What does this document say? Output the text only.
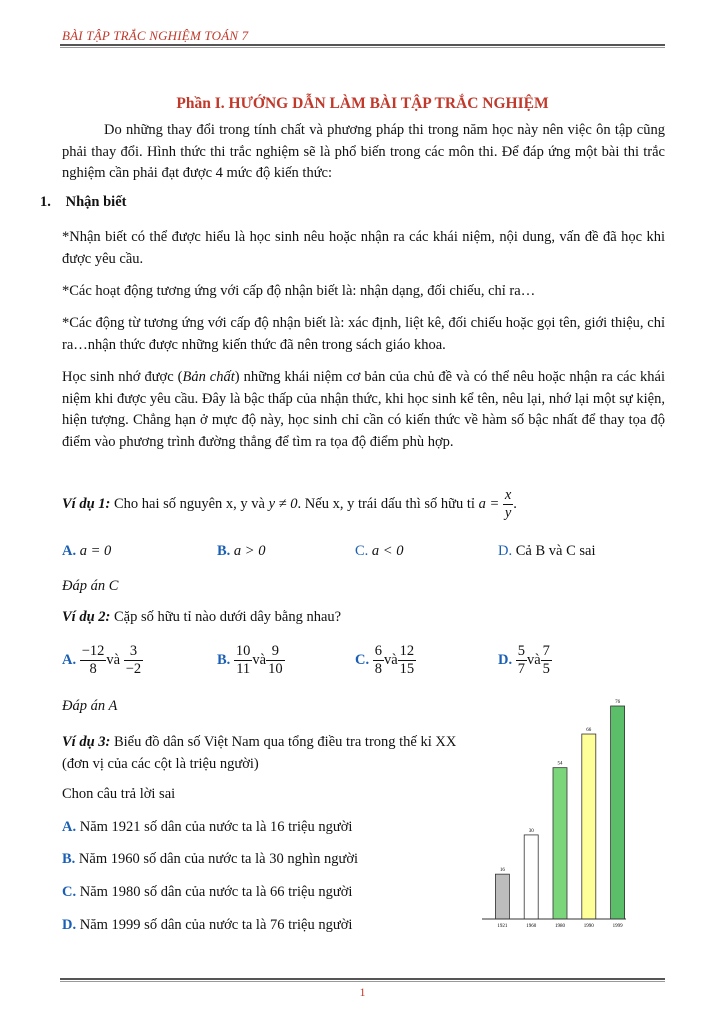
BÀI TẬP TRẮC NGHIỆM TOÁN 7
Phần I. HƯỚNG DẪN LÀM BÀI TẬP TRẮC NGHIỆM
Do những thay đổi trong tính chất và phương pháp thi trong năm học này nên việc ôn tập cũng phải thay đổi. Hình thức thi trắc nghiệm sẽ là phổ biến trong các môn thi. Để đáp ứng một bài thi trắc nghiệm cần phải đạt được 4 mức độ kiến thức:
1. Nhận biết
*Nhận biết có thể được hiểu là học sinh nêu hoặc nhận ra các khái niệm, nội dung, vấn đề đã học khi được yêu cầu.
*Các hoạt động tương ứng với cấp độ nhận biết là: nhận dạng, đối chiếu, chỉ ra…
*Các động từ tương ứng với cấp độ nhận biết là: xác định, liệt kê, đối chiếu hoặc gọi tên, giới thiệu, chỉ ra…nhận thức được những kiến thức đã nên trong sách giáo khoa.
Học sinh nhớ được (Bản chất) những khái niệm cơ bản của chủ đề và có thể nêu hoặc nhận ra các khái niệm khi được yêu cầu. Đây là bậc thấp của nhận thức, khi học sinh kể tên, nêu lại, nhớ lại một sự kiện, hiện tượng. Chẳng hạn ở mực độ này, học sinh chỉ cần có kiến thức về hàm số bậc nhất để thay tọa độ điểm vào phương trình đường thẳng để tìm ra tọa độ điểm phù hợp.
Ví dụ 1: Cho hai số nguyên x, y và y ≠ 0. Nếu x, y trái dấu thì số hữu tỉ $a = \frac{x}{y}$ .
A. a = 0	B. a > 0	C. a < 0	D. Cả B và C sai
Đáp án C
Ví dụ 2: Cặp số hữu tỉ nào dưới dây bằng nhau?
A. $\frac{-12}{8}$ và $\frac{3}{-2}$	B. $\frac{10}{11}$ và $\frac{9}{10}$	C. $\frac{6}{8}$ và $\frac{12}{15}$	D. $\frac{5}{7}$ và $\frac{7}{5}$
Đáp án A
Ví dụ 3: Biểu đồ dân số Việt Nam qua tổng điều tra trong thế kỉ XX (đơn vị của các cột là triệu người)
Chon câu trả lời sai
A. Năm 1921 số dân của nước ta là 16 triệu người
B. Năm 1960 số dân của nước ta là 30 nghìn người
C. Năm 1980 số dân của nước ta là 66 triệu người
D. Năm 1999 số dân của nước ta là 76 triệu người
16
1921
30
1960
54
1980
66
1990
76
1999
1
